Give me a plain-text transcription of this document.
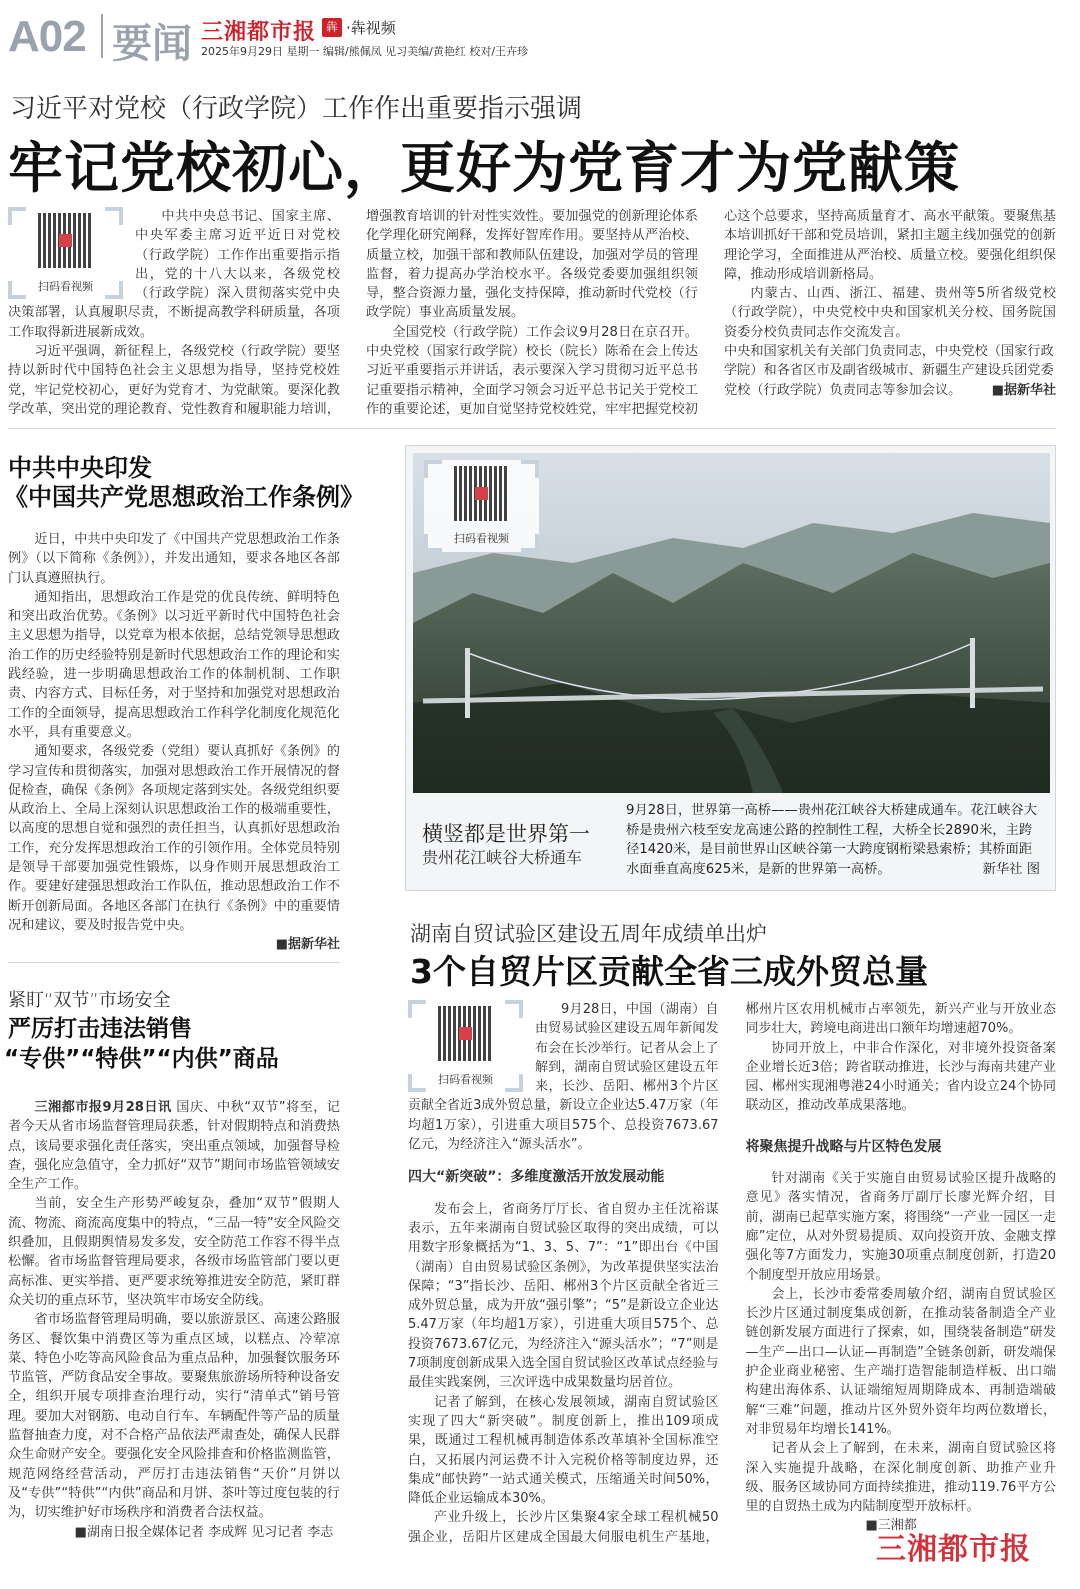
A02 要闻 三湘都市报 犇 ·犇视频
2025年9月29日 星期一 编辑/熊佩凤 见习美编/黄艳红 校对/王卉珍
习近平对党校（行政学院）工作作出重要指示强调
牢记党校初心，更好为党育才为党献策
扫码看视频

中共中央总书记、国家主席、中央军委主席习近平近日对党校（行政学院）工作作出重要指示指出，党的十八大以来，各级党校（行政学院）深入贯彻落实党中央决策部署，认真履职尽责，不断提高教学科研质量，各项工作取得新进展新成效。

习近平强调，新征程上，各级党校（行政学院）要坚持以新时代中国特色社会主义思想为指导，坚持党校姓党，牢记党校初心，更好为党育才、为党献策。要深化教学改革，突出党的理论教育、党性教育和履职能力培训，增强教育培训的针对性实效性。要加强党的创新理论体系化学理化研究阐释，发挥好智库作用。要坚持从严治校、质量立校，加强干部和教师队伍建设，加强对学员的管理监督，着力提高办学治校水平。各级党委要加强组织领导，整合资源力量，强化支持保障，推动新时代党校（行政学院）事业高质量发展。

全国党校（行政学院）工作会议9月28日在京召开。中央党校（国家行政学院）校长（院长）陈希在会上传达习近平重要指示并讲话，表示要深入学习贯彻习近平总书记重要指示精神，全面学习领会习近平总书记关于党校工作的重要论述，更加自觉坚持党校姓党，牢牢把握党校初心这个总要求，坚持高质量育才、高水平献策。要聚焦基本培训抓好干部和党员培训，紧扣主题主线加强党的创新理论学习，全面推进从严治校、质量立校。要强化组织保障，推动形成培训新格局。

内蒙古、山西、浙江、福建、贵州等5所省级党校（行政学院），中央党校中央和国家机关分校、国务院国资委分校负责同志作交流发言。

中央和国家机关有关部门负责同志，中央党校（国家行政学院）和各省区市及副省级城市、新疆生产建设兵团党委党校（行政学院）负责同志等参加会议。 ■据新华社
中共中央印发
《中国共产党思想政治工作条例》

近日，中共中央印发了《中国共产党思想政治工作条例》（以下简称《条例》），并发出通知，要求各地区各部门认真遵照执行。

通知指出，思想政治工作是党的优良传统、鲜明特色和突出政治优势。《条例》以习近平新时代中国特色社会主义思想为指导，以党章为根本依据，总结党领导思想政治工作的历史经验特别是新时代思想政治工作的理论和实践经验，进一步明确思想政治工作的体制机制、工作职责、内容方式、目标任务，对于坚持和加强党对思想政治工作的全面领导，提高思想政治工作科学化制度化规范化水平，具有重要意义。

通知要求，各级党委（党组）要认真抓好《条例》的学习宣传和贯彻落实，加强对思想政治工作开展情况的督促检查，确保《条例》各项规定落到实处。各级党组织要从政治上、全局上深刻认识思想政治工作的极端重要性，以高度的思想自觉和强烈的责任担当，认真抓好思想政治工作，充分发挥思想政治工作的引领作用。全体党员特别是领导干部要加强党性锻炼，以身作则开展思想政治工作。要建好建强思想政治工作队伍，推动思想政治工作不断开创新局面。各地区各部门在执行《条例》中的重要情况和建议，要及时报告党中央。

■据新华社
紧盯“双节”市场安全
严厉打击违法销售
“专供”“特供”“内供”商品

三湘都市报9月28日讯 国庆、中秋“双节”将至，记者今天从省市场监督管理局获悉，针对假期特点和消费热点，该局要求强化责任落实，突出重点领域，加强督导检查，强化应急值守，全力抓好“双节”期间市场监管领域安全生产工作。

当前，安全生产形势严峻复杂，叠加“双节”假期人流、物流、商流高度集中的特点，“三品一特”安全风险交织叠加，且假期舆情易发多发，安全防范工作容不得半点松懈。省市场监督管理局要求，各级市场监管部门要以更高标准、更实举措、更严要求统筹推进安全防范，紧盯群众关切的重点环节，坚决筑牢市场安全防线。

省市场监督管理局明确，要以旅游景区、高速公路服务区、餐饮集中消费区等为重点区域，以糕点、冷荤凉菜、特色小吃等高风险食品为重点品种，加强餐饮服务环节监管，严防食品安全事故。要聚焦旅游场所特种设备安全，组织开展专项排查治理行动，实行“清单式”销号管理。要加大对钢筋、电动自行车、车辆配件等产品的质量监督抽查力度，对不合格产品依法严肃查处，确保人民群众生命财产安全。要强化安全风险排查和价格监测监管，规范网络经营活动，严厉打击违法销售“天价”月饼以及“专供”“特供”“内供”商品和月饼、茶叶等过度包装的行为，切实维护好市场秩序和消费者合法权益。

■湖南日报全媒体记者 李成辉 见习记者 李志
扫码看视频
横竖都是世界第一
贵州花江峡谷大桥通车

9月28日，世界第一高桥——贵州花江峡谷大桥建成通车。花江峡谷大桥是贵州六枝至安龙高速公路的控制性工程，大桥全长2890米，主跨径1420米，是目前世界山区峡谷第一大跨度钢桁梁悬索桥；其桥面距水面垂直高度625米，是新的世界第一高桥。	新华社 图
湖南自贸试验区建设五周年成绩单出炉
3个自贸片区贡献全省三成外贸总量
扫码看视频

9月28日，中国（湖南）自由贸易试验区建设五周年新闻发布会在长沙举行。记者从会上了解到，湖南自贸试验区建设五年来，长沙、岳阳、郴州3个片区贡献全省近3成外贸总量，新设立企业达5.47万家（年均超1万家），引进重大项目575个、总投资7673.67亿元，为经济注入“源头活水”。

四大“新突破”：多维度激活开放发展动能

发布会上，省商务厅厅长、省自贸办主任沈裕谋表示，五年来湖南自贸试验区取得的突出成绩，可以用数字形象概括为“1、3、5、7”：“1”即出台《中国（湖南）自由贸易试验区条例》，为改革提供坚实法治保障；“3”指长沙、岳阳、郴州3个片区贡献全省近三成外贸总量，成为开放“强引擎”；“5”是新设立企业达5.47万家（年均超1万家），引进重大项目575个、总投资7673.67亿元，为经济注入“源头活水”；“7”则是7项制度创新成果入选全国自贸试验区改革试点经验与最佳实践案例，三次评选中成果数量均居首位。

记者了解到，在核心发展领域，湖南自贸试验区实现了四大“新突破”。制度创新上，推出109项成果，既通过工程机械再制造体系改革填补全国标准空白，又拓展内河运费不计入完税价格等制度边界，还集成“邮快跨”一站式通关模式，压缩通关时间50%，降低企业运输成本30%。

产业升级上，长沙片区集聚4家全球工程机械50强企业，岳阳片区建成全国最大伺服电机生产基地，郴州片区农用机械市占率领先，新兴产业与开放业态同步壮大，跨境电商进出口额年均增速超70%。

协同开放上，中非合作深化，对非境外投资备案企业增长近3倍；跨省联动推进，长沙与海南共建产业园、郴州实现湘粤港24小时通关；省内设立24个协同联动区，推动改革成果落地。

将聚焦提升战略与片区特色发展

针对湖南《关于实施自由贸易试验区提升战略的意见》落实情况，省商务厅副厅长廖光辉介绍，目前，湖南已起草实施方案，将围绕“一产业一园区一走廊”定位，从对外贸易提质、双向投资开放、金融支撑强化等7方面发力，实施30项重点制度创新，打造20个制度型开放应用场景。

会上，长沙市委常委周敏介绍，湖南自贸试验区长沙片区通过制度集成创新，在推动装备制造全产业链创新发展方面进行了探索，如，围绕装备制造“研发—生产—出口—认证—再制造”全链条创新，研发端保护企业商业秘密、生产端打造智能制造样板、出口端构建出海体系、认证端缩短周期降成本、再制造端破解“三难”问题，推动片区外贸外资年均两位数增长，对非贸易年均增长141%。

记者从会上了解到，在未来，湖南自贸试验区将深入实施提升战略，在深化制度创新、助推产业升级、服务区域协同方面持续推进，推动119.76平方公里的自贸热土成为内陆制度型开放标杆。

■三湘都
三湘都市报
